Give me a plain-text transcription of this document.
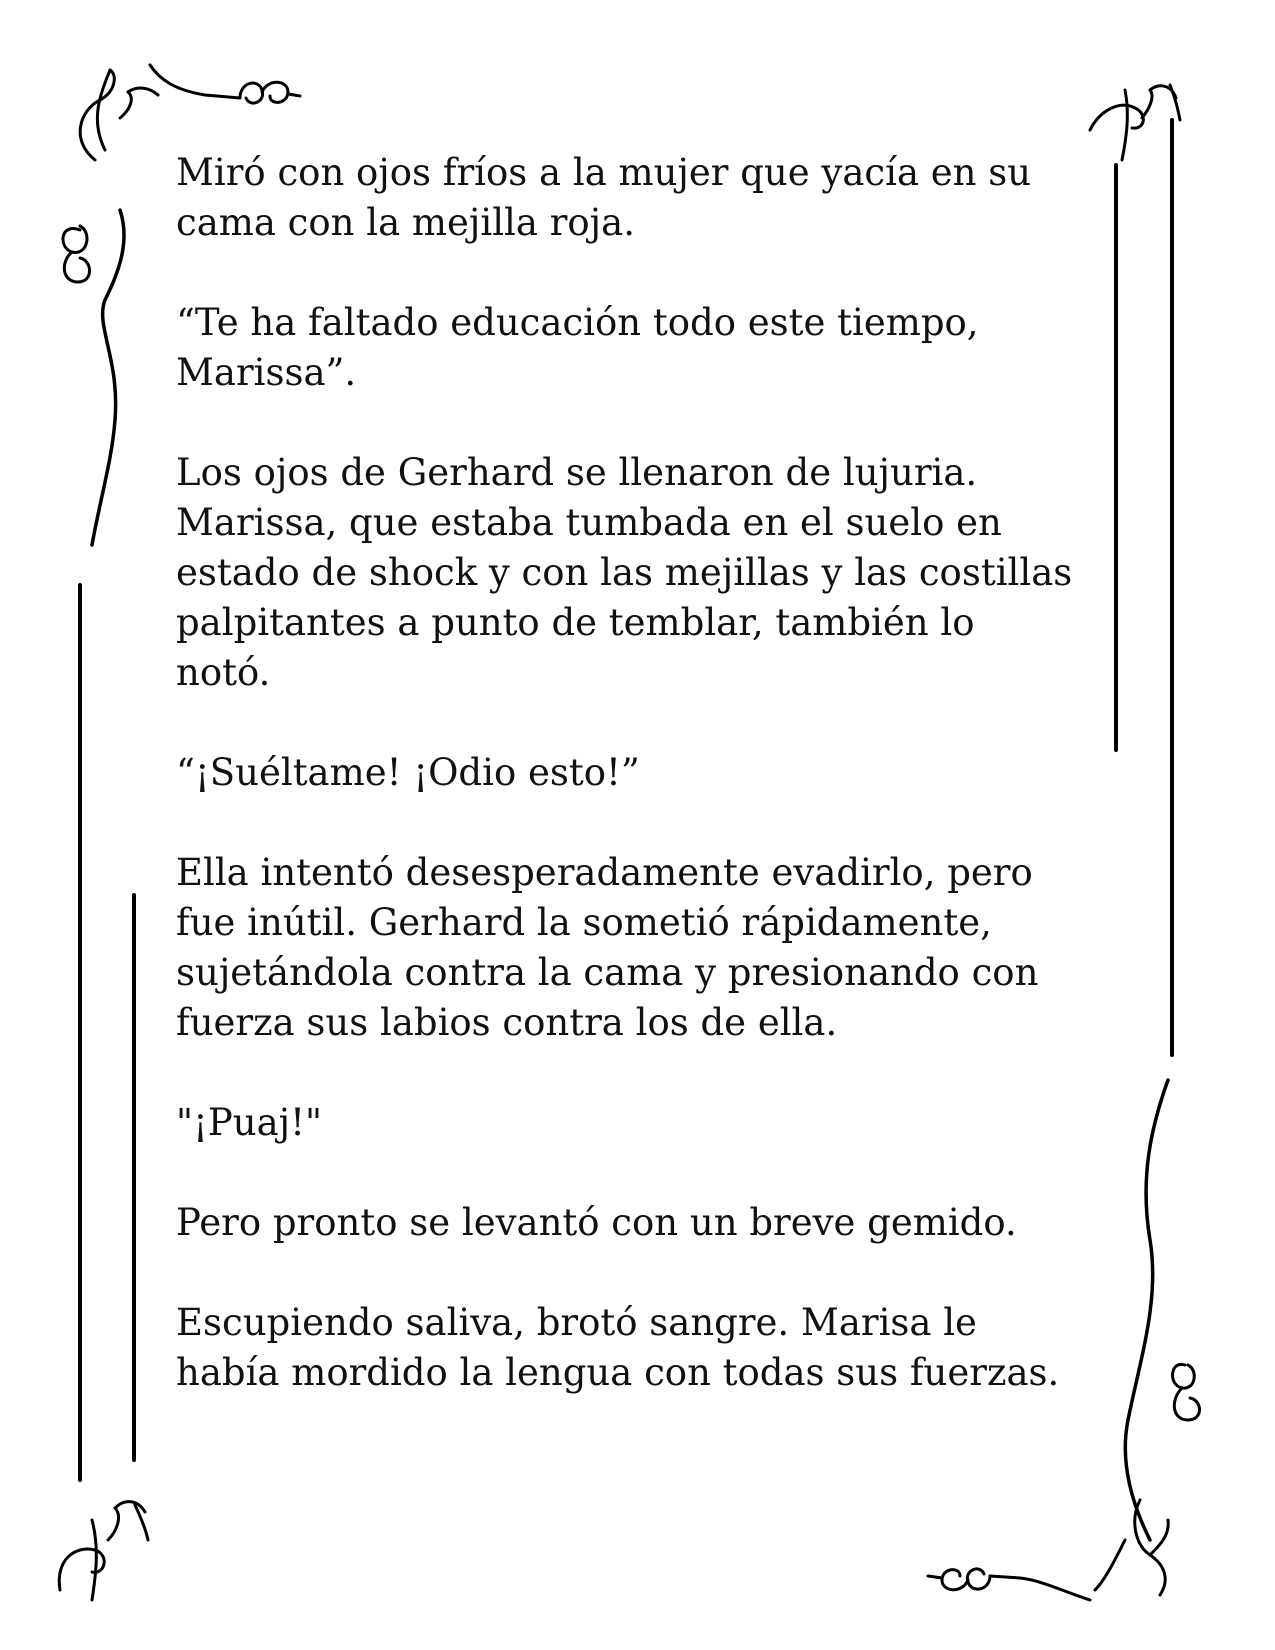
Miró con ojos fríos a la mujer que yacía en su
cama con la mejilla roja.

“Te ha faltado educación todo este tiempo,
Marissa”.

Los ojos de Gerhard se llenaron de lujuria.
Marissa, que estaba tumbada en el suelo en
estado de shock y con las mejillas y las costillas
palpitantes a punto de temblar, también lo
notó.

“¡Suéltame! ¡Odio esto!”

Ella intentó desesperadamente evadirlo, pero
fue inútil. Gerhard la sometió rápidamente,
sujetándola contra la cama y presionando con
fuerza sus labios contra los de ella.

"¡Puaj!"

Pero pronto se levantó con un breve gemido.

Escupiendo saliva, brotó sangre. Marisa le
había mordido la lengua con todas sus fuerzas.
